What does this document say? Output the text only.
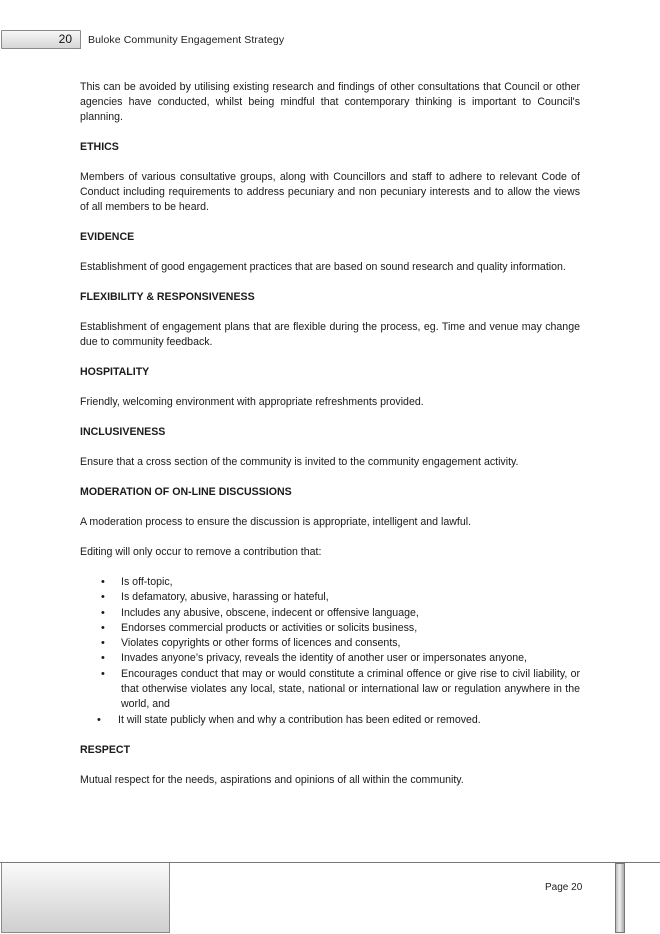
20 Buloke Community Engagement Strategy

This can be avoided by utilising existing research and findings of other consultations that Council or other agencies have conducted, whilst being mindful that contemporary thinking is important to Council's planning.

ETHICS

Members of various consultative groups, along with Councillors and staff to adhere to relevant Code of Conduct including requirements to address pecuniary and non pecuniary interests and to allow the views of all members to be heard.

EVIDENCE

Establishment of good engagement practices that are based on sound research and quality information.

FLEXIBILITY & RESPONSIVENESS

Establishment of engagement plans that are flexible during the process, eg. Time and venue may change due to community feedback.

HOSPITALITY

Friendly, welcoming environment with appropriate refreshments provided.

INCLUSIVENESS

Ensure that a cross section of the community is invited to the community engagement activity.

MODERATION OF ON-LINE DISCUSSIONS

A moderation process to ensure the discussion is appropriate, intelligent and lawful.

Editing will only occur to remove a contribution that:

• Is off-topic,
• Is defamatory, abusive, harassing or hateful,
• Includes any abusive, obscene, indecent or offensive language,
• Endorses commercial products or activities or solicits business,
• Violates copyrights or other forms of licences and consents,
• Invades anyone’s privacy, reveals the identity of another user or impersonates anyone,
• Encourages conduct that may or would constitute a criminal offence or give rise to civil liability, or that otherwise violates any local, state, national or international law or regulation anywhere in the world, and
• It will state publicly when and why a contribution has been edited or removed.
RESPECT

Mutual respect for the needs, aspirations and opinions of all within the community.

Page 20
